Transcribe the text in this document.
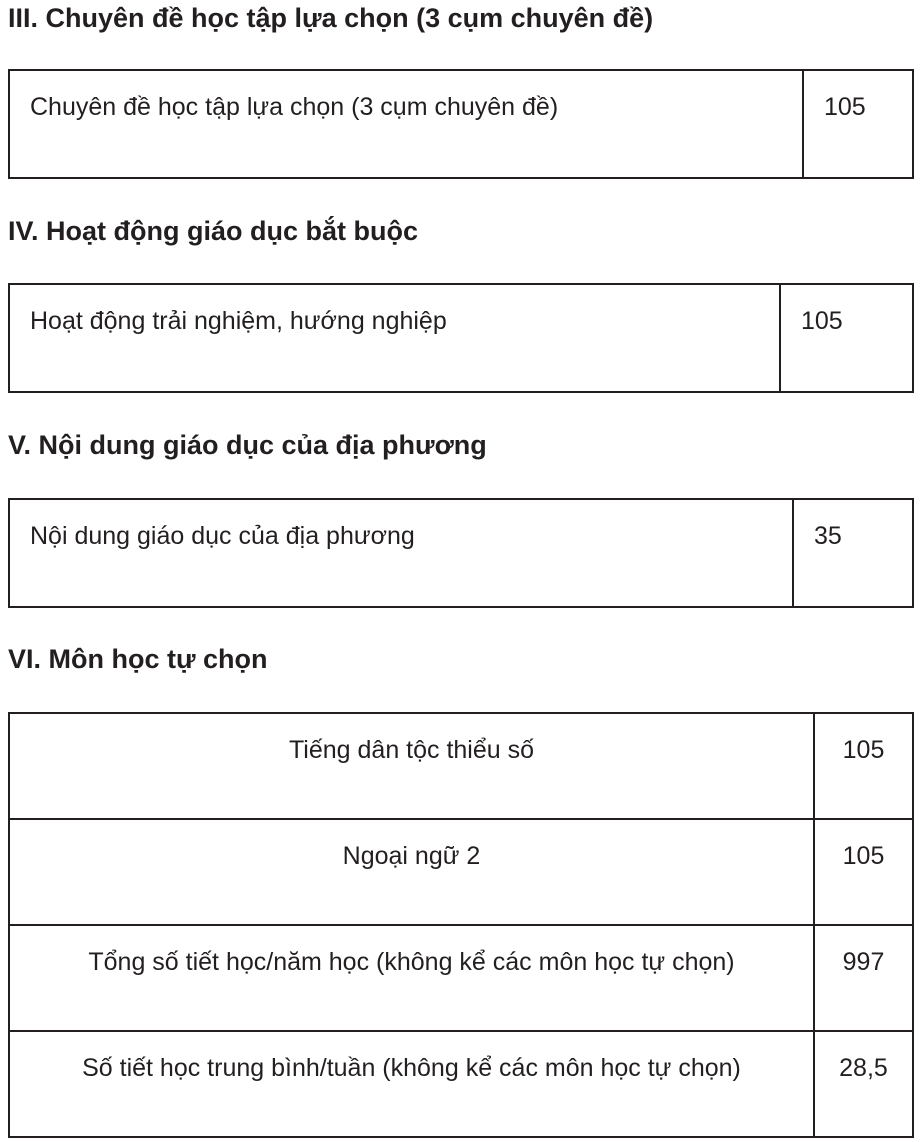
III. Chuyên đề học tập lựa chọn (3 cụm chuyên đề)
Chuyên đề học tập lựa chọn (3 cụm chuyên đề)	105
IV. Hoạt động giáo dục bắt buộc
Hoạt động trải nghiệm, hướng nghiệp	105
V. Nội dung giáo dục của địa phương
Nội dung giáo dục của địa phương	35
VI. Môn học tự chọn
Tiếng dân tộc thiểu số	105
Ngoại ngữ 2	105
Tổng số tiết học/năm học (không kể các môn học tự chọn)	997
Số tiết học trung bình/tuần (không kể các môn học tự chọn)	28,5
